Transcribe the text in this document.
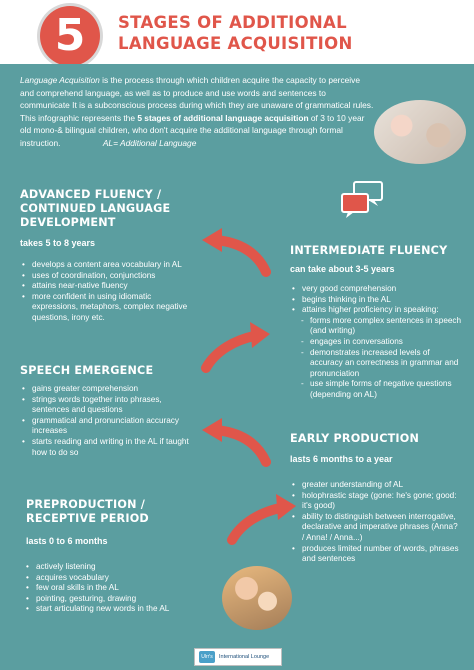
5 STAGES OF ADDITIONAL
LANGUAGE ACQUISITION

Language Acquisition is the process through which children acquire the capacity to perceive and comprehend language, as well as to produce and use words and sentences to communicate It is a subconscious process during which they are unaware of grammatical rules.

This infographic represents the 5 stages of additional language acquisition of 3 to 10 year old mono-& bilingual children, who don't acquire the additional language through formal instruction.	AL= Additional Language

ADVANCED FLUENCY /
CONTINUED LANGUAGE
DEVELOPMENT
takes 5 to 8 years
• develops a content area vocabulary in AL
• uses of coordination, conjunctions
• attains near-native fluency
• more confident in using idiomatic expressions, metaphors, complex negative questions, irony etc.
INTERMEDIATE FLUENCY
can take about 3-5 years
• very good comprehension
• begins thinking in the AL
• attains higher proficiency in speaking:
- forms more complex sentences in speech (and writing)
- engages in conversations
- demonstrates increased levels of accuracy an correctness in grammar and pronunciation
- use simple forms of negative questions (depending on AL)
SPEECH EMERGENCE
• gains greater comprehension
• strings words together into phrases, sentences and questions
• grammatical and pronunciation accuracy increases
• starts reading and writing in the AL if taught how to do so
EARLY PRODUCTION
lasts 6 months to a year
• greater understanding of AL
• holophrastic stage (gone: he's gone; good: it's good)
• ability to distinguish between interrogative, declarative and imperative phrases (Anna? / Anna! / Anna...)
• produces limited number of words, phrases and sentences
PREPRODUCTION /
RECEPTIVE PERIOD
lasts 0 to 6 months
• actively listening
• acquires vocabulary
• few oral skills in the AL
• pointing, gesturing, drawing
• start articulating new words in the AL
Ulrr's	International Lounge
